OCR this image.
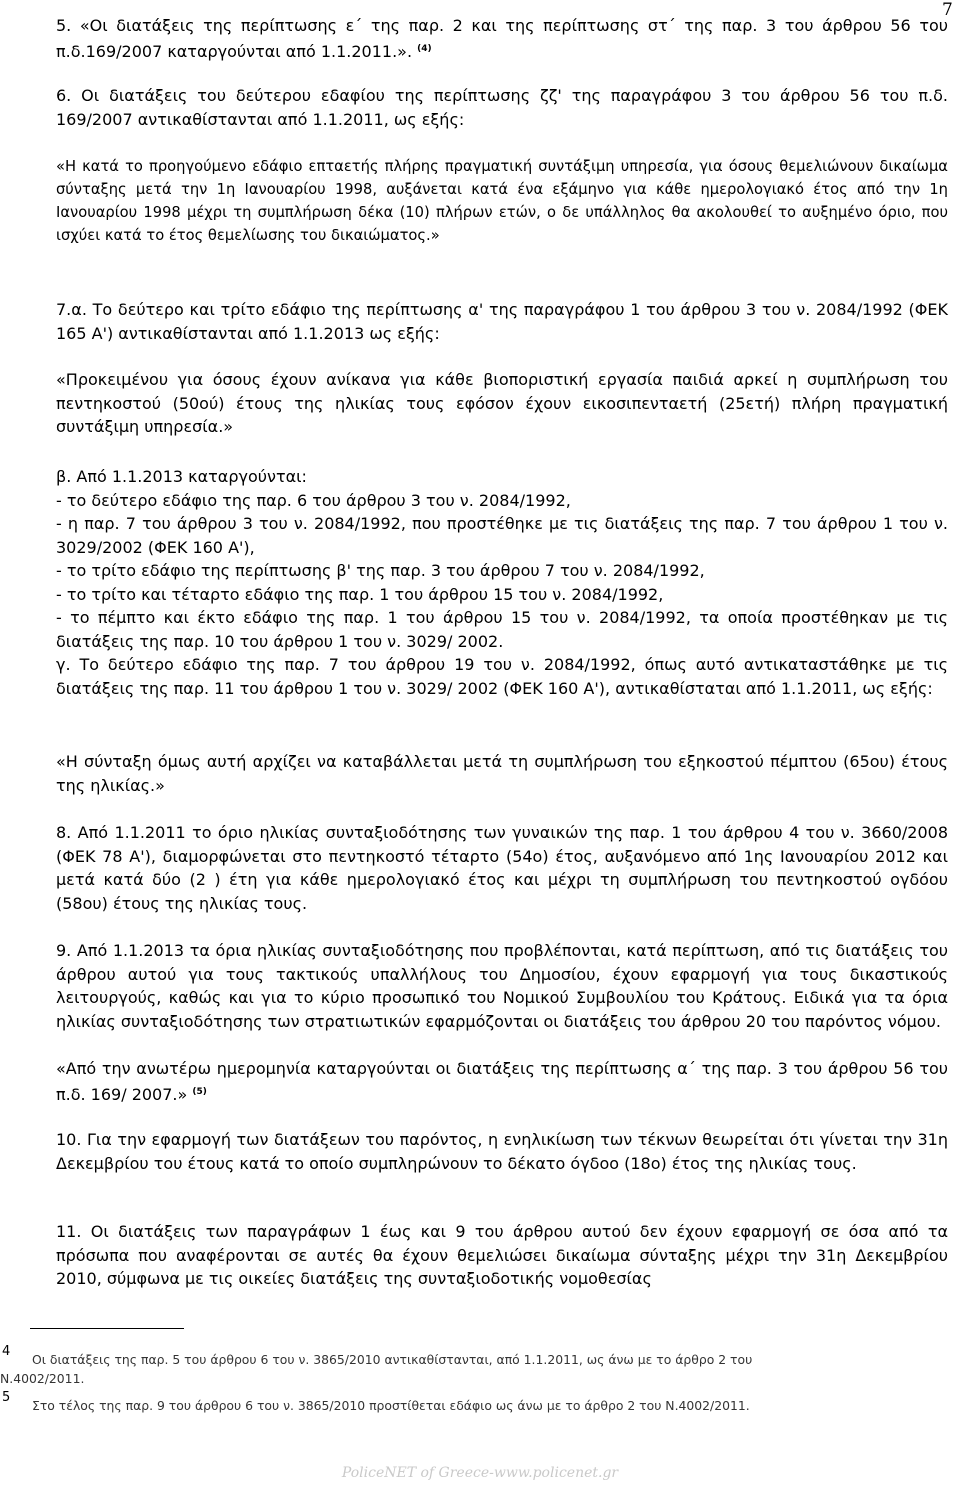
7

5. «Οι διατάξεις της περίπτωσης ε΄ της παρ. 2 και της περίπτωσης στ΄ της παρ. 3 του άρθρου 56 του π.δ.169/2007 καταργούνται από 1.1.2011.». $^{(4)}$

6. Οι διατάξεις του δεύτερου εδαφίου της περίπτωσης ζζ' της παραγράφου 3 του άρθρου 56 του π.δ. 169/2007 αντικαθίστανται από 1.1.2011, ως εξής:

«Η κατά το προηγούμενο εδάφιο επταετής πλήρης πραγματική συντάξιμη υπηρεσία, για όσους θεμελιώνουν δικαίωμα σύνταξης μετά την 1η Ιανουαρίου 1998, αυξάνεται κατά ένα εξάμηνο για κάθε ημερολογιακό έτος από την 1η Ιανουαρίου 1998 μέχρι τη συμπλήρωση δέκα (10) πλήρων ετών, ο δε υπάλληλος θα ακολουθεί το αυξημένο όριο, που ισχύει κατά το έτος θεμελίωσης του δικαιώματος.»

7.α. Το δεύτερο και τρίτο εδάφιο της περίπτωσης α' της παραγράφου 1 του άρθρου 3 του ν. 2084/1992 (ΦΕΚ 165 Α') αντικαθίστανται από 1.1.2013 ως εξής:

«Προκειμένου για όσους έχουν ανίκανα για κάθε βιοποριστική εργασία παιδιά αρκεί η συμπλήρωση του πεντηκοστού (50ού) έτους της ηλικίας τους εφόσον έχουν εικοσιπενταετή (25ετή) πλήρη πραγματική συντάξιμη υπηρεσία.»

β. Από 1.1.2013 καταργούνται:
- το δεύτερο εδάφιο της παρ. 6 του άρθρου 3 του ν. 2084/1992,
- η παρ. 7 του άρθρου 3 του ν. 2084/1992, που προστέθηκε με τις διατάξεις της παρ. 7 του άρθρου 1 του ν. 3029/2002 (ΦΕΚ 160 Α'),
- το τρίτο εδάφιο της περίπτωσης β' της παρ. 3 του άρθρου 7 του ν. 2084/1992,
- το τρίτο και τέταρτο εδάφιο της παρ. 1 του άρθρου 15 του ν. 2084/1992,
- το πέμπτο και έκτο εδάφιο της παρ. 1 του άρθρου 15 του ν. 2084/1992, τα οποία προστέθηκαν με τις διατάξεις της παρ. 10 του άρθρου 1 του ν. 3029/ 2002.
γ. Το δεύτερο εδάφιο της παρ. 7 του άρθρου 19 του ν. 2084/1992, όπως αυτό αντικαταστάθηκε με τις διατάξεις της παρ. 11 του άρθρου 1 του ν. 3029/ 2002 (ΦΕΚ 160 Α'), αντικαθίσταται από 1.1.2011, ως εξής:

«Η σύνταξη όμως αυτή αρχίζει να καταβάλλεται μετά τη συμπλήρωση του εξηκοστού πέμπτου (65ου) έτους της ηλικίας.»

8. Από 1.1.2011 το όριο ηλικίας συνταξιοδότησης των γυναικών της παρ. 1 του άρθρου 4 του ν. 3660/2008 (ΦΕΚ 78 Α'), διαμορφώνεται στο πεντηκοστό τέταρτο (54ο) έτος, αυξανόμενο από 1ης Ιανουαρίου 2012 και μετά κατά δύο (2 ) έτη για κάθε ημερολογιακό έτος και μέχρι τη συμπλήρωση του πεντηκοστού ογδόου (58ου) έτους της ηλικίας τους.

9. Από 1.1.2013 τα όρια ηλικίας συνταξιοδότησης που προβλέπονται, κατά περίπτωση, από τις διατάξεις του άρθρου αυτού για τους τακτικούς υπαλλήλους του Δημοσίου, έχουν εφαρμογή για τους δικαστικούς λειτουργούς, καθώς και για το κύριο προσωπικό του Νομικού Συμβουλίου του Κράτους. Ειδικά για τα όρια ηλικίας συνταξιοδότησης των στρατιωτικών εφαρμόζονται οι διατάξεις του άρθρου 20 του παρόντος νόμου.

«Από την ανωτέρω ημερομηνία καταργούνται οι διατάξεις της περίπτωσης α΄ της παρ. 3 του άρθρου 56 του π.δ. 169/ 2007.» $^{(5)}$

10. Για την εφαρμογή των διατάξεων του παρόντος, η ενηλικίωση των τέκνων θεωρείται ότι γίνεται την 31η Δεκεμβρίου του έτους κατά το οποίο συμπληρώνουν το δέκατο όγδοο (18ο) έτος της ηλικίας τους.

11. Οι διατάξεις των παραγράφων 1 έως και 9 του άρθρου αυτού δεν έχουν εφαρμογή σε όσα από τα πρόσωπα που αναφέρονται σε αυτές θα έχουν θεμελιώσει δικαίωμα σύνταξης μέχρι την 31η Δεκεμβρίου 2010, σύμφωνα με τις οικείες διατάξεις της συνταξιοδοτικής νομοθεσίας

4
Οι διατάξεις της παρ. 5 του άρθρου 6 του ν. 3865/2010 αντικαθίστανται, από 1.1.2011, ως άνω με το άρθρο 2 του
Ν.4002/2011.
5
Στο τέλος της παρ. 9 του άρθρου 6 του ν. 3865/2010 προστίθεται εδάφιο ως άνω με το άρθρο 2 του Ν.4002/2011.
PoliceNET of Greece-www.policenet.gr
